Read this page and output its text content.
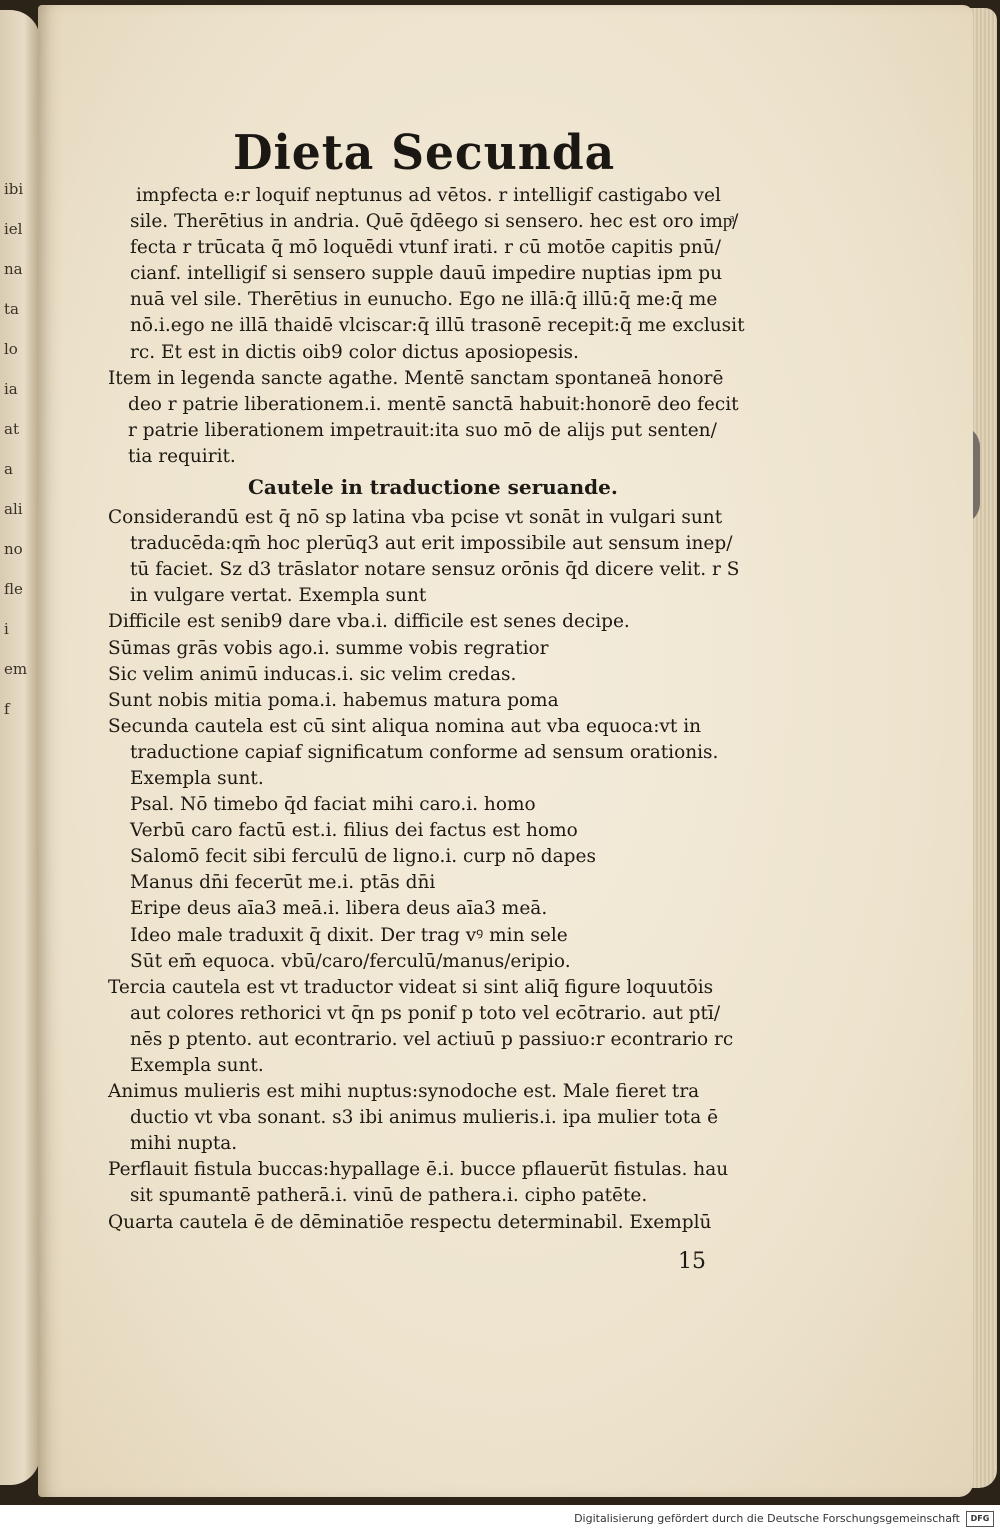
ibi
iel
na
ta
lo
ia
at
a
ali
no
fle
i
em
f
Dieta Secunda
impfecta e:r loquif neptunus ad vētos. r intelligif castigabo vel
sile. Therētius in andria. Quē q̄dēego si sensero. hec est oro impͣ/
fecta r trūcata q̄ mō loquēdi vtunf irati. r cū motōe capitis pnū/
cianf. intelligif si sensero supple dauū impedire nuptias ipm pu
nuā vel sile. Therētius in eunucho. Ego ne illā:q̄ illū:q̄ me:q̄ me
nō.i.ego ne illā thaidē vlciscar:q̄ illū trasonē recepit:q̄ me exclusit
rc. Et est in dictis oib9 color dictus aposiopesis.
Item in legenda sancte agathe. Mentē sanctam spontaneā honorē
deo r patrie liberationem.i. mentē sanctā habuit:honorē deo fecit
r patrie liberationem impetrauit:ita suo mō de alijs put senten/
tia requirit.
Cautele in traductione seruande.
Considerandū est q̄ nō sp latina vba pcise vt sonāt in vulgari sunt
traducēda:qm̄ hoc plerūq3 aut erit impossibile aut sensum inep/
tū faciet. Sz d3 trāslator notare sensuz orōnis q̄d dicere velit. r S
in vulgare vertat. Exempla sunt
Difficile est senib9 dare vba.i. difficile est senes decipe.
Sūmas grās vobis ago.i. summe vobis regratior
Sic velim animū inducas.i. sic velim credas.
Sunt nobis mitia poma.i. habemus matura poma
Secunda cautela est cū sint aliqua nomina aut vba equoca:vt in
traductione capiaf significatum conforme ad sensum orationis.
Exempla sunt.
Psal. Nō timebo q̄d faciat mihi caro.i. homo
Verbū caro factū est.i. filius dei factus est homo
Salomō fecit sibi ferculū de ligno.i. curp nō dapes
Manus dn̄i fecerūt me.i. ptās dn̄i
Eripe deus aīa3 meā.i. libera deus aīa3 meā.
Ideo male traduxit q̄ dixit. Der trag vꝰ min sele
Sūt em̄ equoca. vbū/caro/ferculū/manus/eripio.
Tercia cautela est vt traductor videat si sint aliq̄ figure loquutōis
aut colores rethorici vt q̄n ps ponif p toto vel ecōtrario. aut ptī/
nēs p ptento. aut econtrario. vel actiuū p passiuo:r econtrario rc
Exempla sunt.
Animus mulieris est mihi nuptus:synodoche est. Male fieret tra
ductio vt vba sonant. s3 ibi animus mulieris.i. ipa mulier tota ē
mihi nupta.
Perflauit fistula buccas:hypallage ē.i. bucce pflauerūt fistulas. hau
sit spumantē patherā.i. vinū de pathera.i. cipho patēte.
Quarta cautela ē de dēminatiōe respectu determinabil. Exemplū
15
Digitalisierung gefördert durch die Deutsche Forschungsgemeinschaft	DFG
